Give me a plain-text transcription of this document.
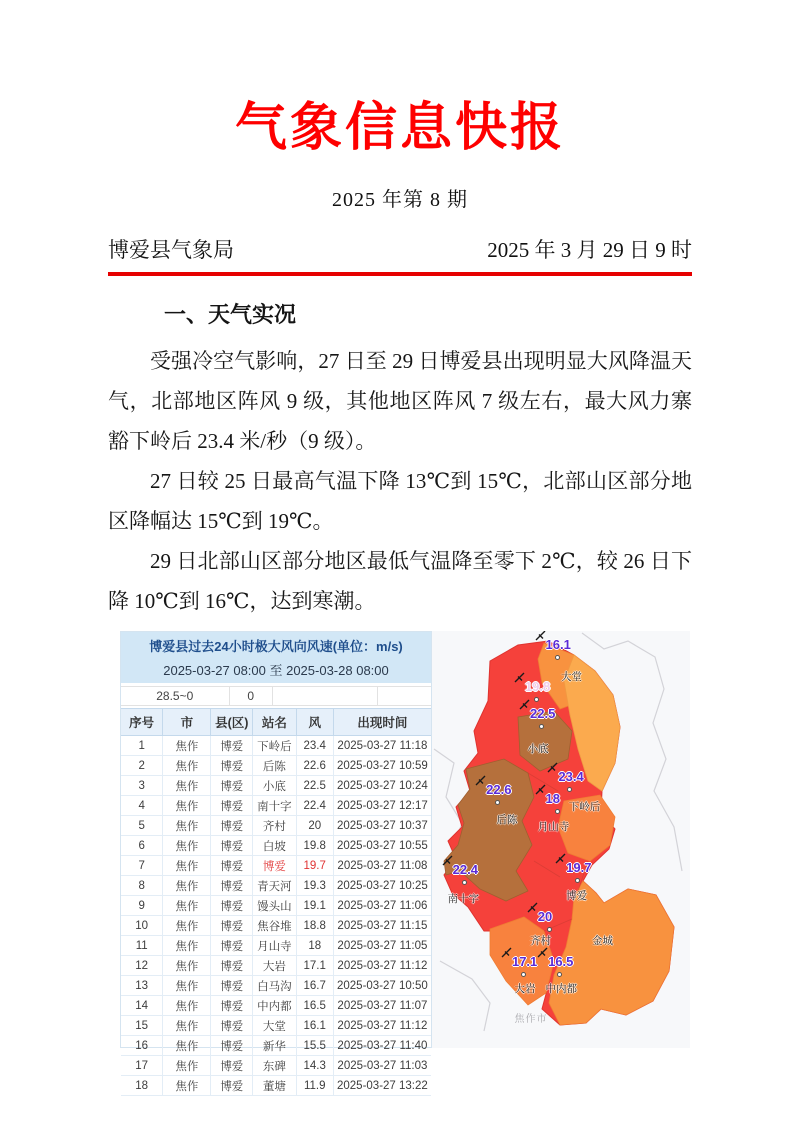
气象信息快报
2025 年第 8 期
博爱县气象局	2025 年 3 月 29 日 9 时
一、天气实况

受强冷空气影响，27 日至 29 日博爱县出现明显大风降温天气，北部地区阵风 9 级，其他地区阵风 7 级左右，最大风力寨豁下岭后 23.4 米/秒（9 级）。

27 日较 25 日最高气温下降 13℃到 15℃，北部山区部分地区降幅达 15℃到 19℃。

29 日北部山区部分地区最低气温降至零下 2℃，较 26 日下降 10℃到 16℃，达到寒潮。

博爱县过去24小时极大风向风速(单位：m/s)
2025-03-27 08:00 至 2025-03-28 08:00
28.5~0	0
序号	市	县(区)	站名	风	出现时间
1	焦作	博爱	下岭后	23.4	2025-03-27 11:18
2	焦作	博爱	后陈	22.6	2025-03-27 10:59
3	焦作	博爱	小底	22.5	2025-03-27 10:24
4	焦作	博爱	南十字	22.4	2025-03-27 12:17
5	焦作	博爱	齐村	20	2025-03-27 10:37
6	焦作	博爱	白坡	19.8	2025-03-27 10:55
7	焦作	博爱	博爱	19.7	2025-03-27 11:08
8	焦作	博爱	青天河	19.3	2025-03-27 10:25
9	焦作	博爱	馒头山	19.1	2025-03-27 11:06
10	焦作	博爱	焦谷堆	18.8	2025-03-27 11:15
11	焦作	博爱	月山寺	18	2025-03-27 11:05
12	焦作	博爱	大岩	17.1	2025-03-27 11:12
13	焦作	博爱	白马沟	16.7	2025-03-27 10:50
14	焦作	博爱	中内都	16.5	2025-03-27 11:07
15	焦作	博爱	大堂	16.1	2025-03-27 11:12
16	焦作	博爱	新华	15.5	2025-03-27 11:40
17	焦作	博爱	东碑	14.3	2025-03-27 11:03
18	焦作	博爱	董塘	11.9	2025-03-27 13:22
16.1
大堂
19.8
22.5
小底
23.4
下岭后
22.6
后陈
18
月山寺
22.4
南十字
19.7
博爱
20
齐村	金城
17.1
大岩
16.5
中内都
焦作市
